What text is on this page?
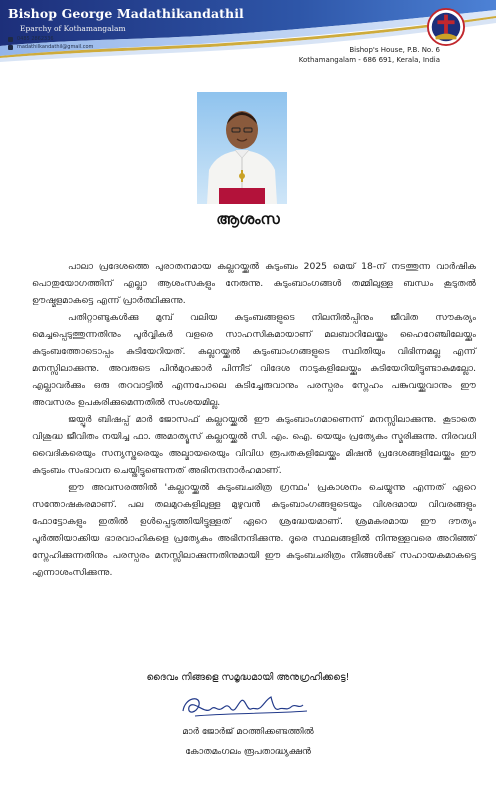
Bishop George Madathikandathil
Eparchy of Kothamangalam
0485 2862336
madathilkandathil@gmail.com	Bishop's House, P.B. No. 6
Kothamangalam - 686 691, Kerala, India
ആശംസ

പാലാ പ്രദേശത്തെ പുരാതനമായ കല്ലറയ്ക്കൽ കുടുംബം 2025 മെയ് 18-ന് നടത്തുന്ന വാർഷിക പൊതുയോഗത്തിന് എല്ലാ ആശംസകളും നേരുന്നു. കുടുംബാംഗങ്ങൾ തമ്മിലുള്ള ബന്ധം കൂടുതൽ ഊഷ്മളമാകട്ടെ എന്ന് പ്രാർത്ഥിക്കുന്നു.

പതിറ്റാണ്ടുകൾക്കു മുമ്പ് വലിയ കുടുംബങ്ങളുടെ നിലനിൽപ്പിനും ജീവിത സൗകര്യം മെച്ചപ്പെടുത്തുന്നതിനും പൂർവ്വികർ വളരെ സാഹസികമായാണ് മലബാറിലേയ്ക്കും ഹൈറേഞ്ചിലേയ്ക്കും കുടുംബത്തോടൊപ്പം കുടിയേറിയത്. കല്ലറയ്ക്കൽ കുടുംബാംഗങ്ങളുടെ സ്ഥിതിയും വിഭിന്നമല്ല എന്ന് മനസ്സിലാക്കുന്നു. അവരുടെ പിൻമുറക്കാർ പിന്നീട് വിദേശ നാടുകളിലേയ്ക്കും കുടിയേറിയിട്ടുണ്ടാകുമല്ലോ. എല്ലാവർക്കും ഒരു തറവാട്ടിൽ എന്നപോലെ കുടിച്ചേരുവാനും പരസ്പരം സ്നേഹം പങ്കുവയ്ക്കുവാനും ഈ അവസരം ഉപകരിക്കുമെന്നതിൽ സംശയമില്ല.

ജയ്പൂർ ബിഷപ്പ് മാർ ജോസഫ് കല്ലറയ്ക്കൽ ഈ കുടുംബാംഗമാണെന്ന് മനസ്സിലാക്കുന്നു. കൂടാതെ വിശുദ്ധ ജീവിതം നയിച്ച ഫാ. അമാത്യൂസ് കല്ലറയ്ക്കൽ സി. എം. ഐ. യെയും പ്രത്യേകം സ്മരിക്കുന്നു. നിരവധി വൈദികരെയും സന്യസ്തരെയും അല്മായരെയും വിവിധ രൂപതകളിലേയ്ക്കും മിഷൻ പ്രദേശങ്ങളിലേയ്ക്കും ഈ കുടുംബം സംഭാവന ചെയ്തിട്ടുണ്ടെന്നത് അഭിനന്ദനാർഹമാണ്.

ഈ അവസരത്തിൽ 'കല്ലറയ്ക്കൽ കുടുംബചരിത്ര ഗ്രന്ഥം' പ്രകാശനം ചെയ്യുന്നു എന്നത് ഏറെ സന്തോഷകരമാണ്. പല തലമുറകളിലുള്ള മുഴുവൻ കുടുംബാംഗങ്ങളുടെയും വിശദമായ വിവരങ്ങളും ഫോട്ടോകളും ഇതിൽ ഉൾപ്പെടുത്തിയിട്ടുള്ളത് ഏറെ ശ്രദ്ധേയമാണ്. ശ്രമകരമായ ഈ ദൗത്യം പൂർത്തിയാക്കിയ ഭാരവാഹികളെ പ്രത്യേകം അഭിനന്ദിക്കുന്നു. ദൂരെ സ്ഥലങ്ങളിൽ നിന്നുള്ളവരെ അറിഞ്ഞ് സ്നേഹിക്കുന്നതിനും പരസ്പരം മനസ്സിലാക്കുന്നതിനുമായി ഈ കുടുംബചരിത്രം നിങ്ങൾക്ക് സഹായകമാകട്ടെ എന്നാശംസിക്കുന്നു.

ദൈവം നിങ്ങളെ സമൃദ്ധമായി അനുഗ്രഹിക്കട്ടെ!
മാർ ജോർജ് മഠത്തിക്കണ്ടത്തിൽ
കോതമംഗലം രൂപതാദ്ധ്യക്ഷൻ
